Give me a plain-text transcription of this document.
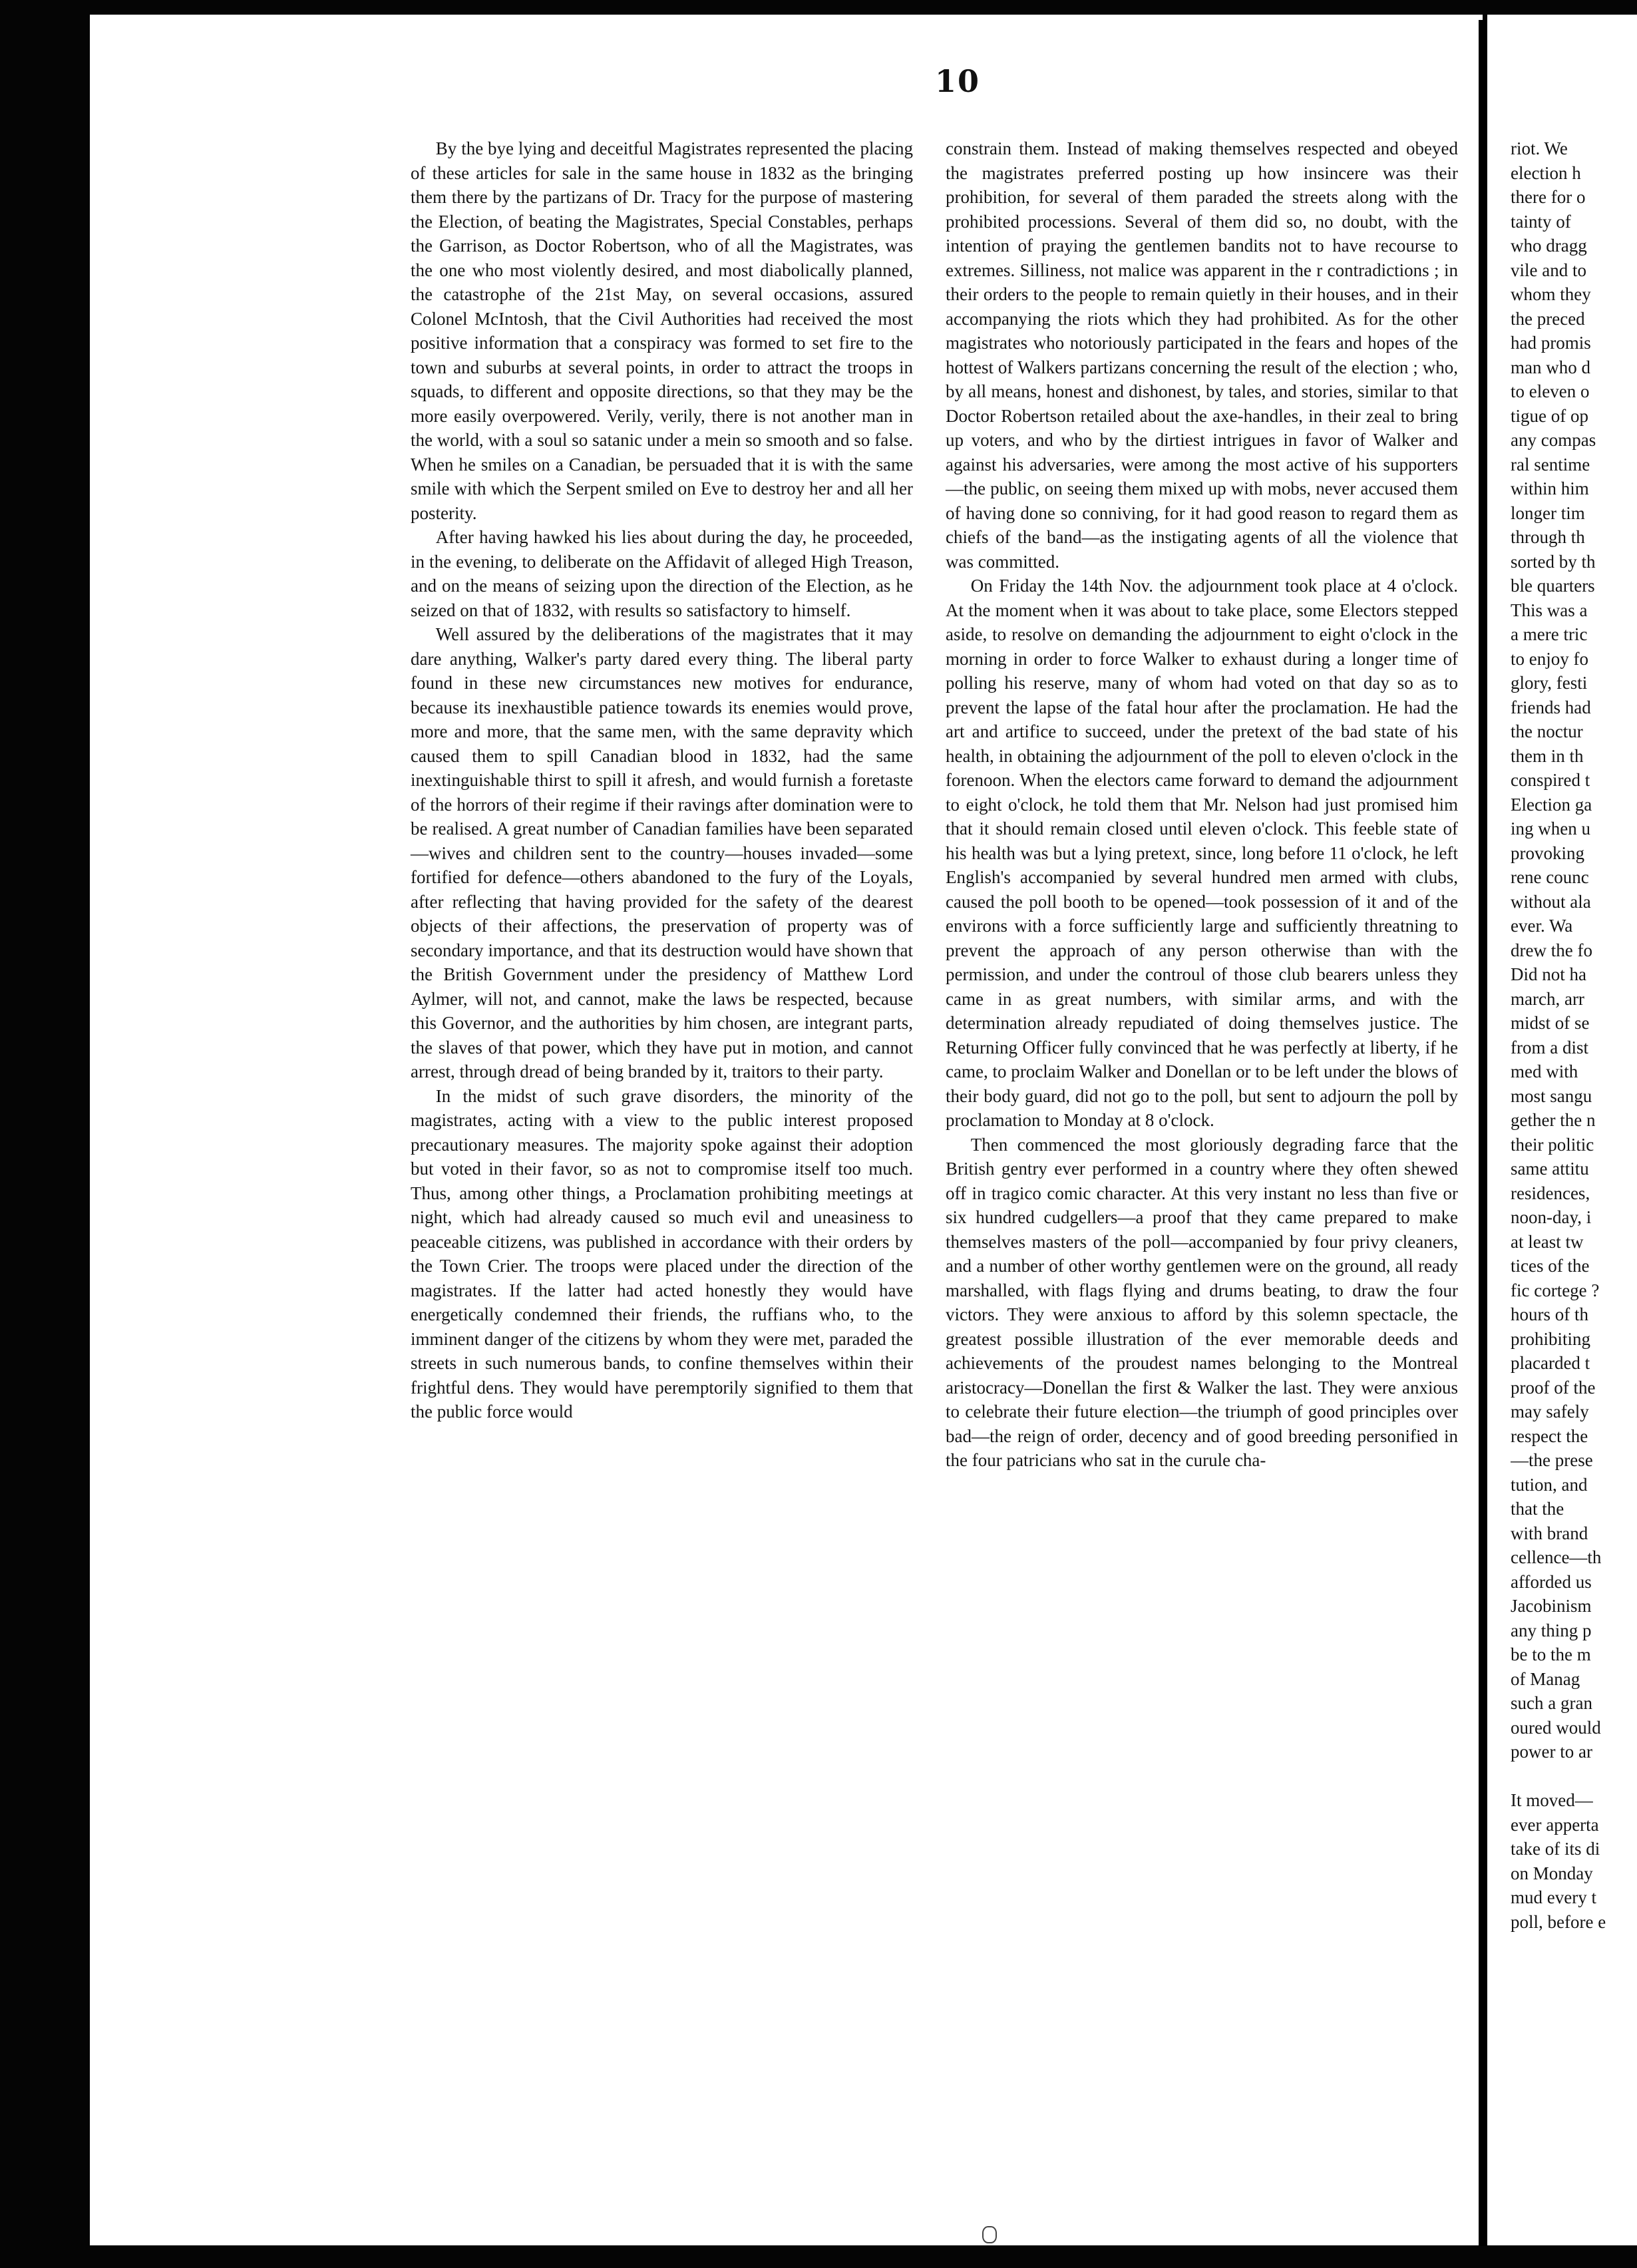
10

By the bye lying and deceitful Magistrates represented the placing of these articles for sale in the same house in 1832 as the bringing them there by the partizans of Dr. Tracy for the purpose of mastering the Election, of beating the Magistrates, Special Constables, perhaps the Garrison, as Doctor Robertson, who of all the Magistrates, was the one who most violently desired, and most diabolically planned, the catastrophe of the 21st May, on several occasions, assured Colonel McIntosh, that the Civil Authorities had received the most positive information that a conspiracy was formed to set fire to the town and suburbs at several points, in order to attract the troops in squads, to different and opposite directions, so that they may be the more easily overpowered. Verily, verily, there is not another man in the world, with a soul so satanic under a mein so smooth and so false. When he smiles on a Canadian, be persuaded that it is with the same smile with which the Serpent smiled on Eve to destroy her and all her posterity.

After having hawked his lies about during the day, he proceeded, in the evening, to deliberate on the Affidavit of alleged High Treason, and on the means of seizing upon the direction of the Election, as he seized on that of 1832, with results so satisfactory to himself.

Well assured by the deliberations of the magistrates that it may dare anything, Walker's party dared every thing. The liberal party found in these new circumstances new motives for endurance, because its inexhaustible patience towards its enemies would prove, more and more, that the same men, with the same depravity which caused them to spill Canadian blood in 1832, had the same inextinguishable thirst to spill it afresh, and would furnish a foretaste of the horrors of their regime if their ravings after domination were to be realised. A great number of Canadian families have been separated—wives and children sent to the country—houses invaded—some fortified for defence—others abandoned to the fury of the Loyals, after reflecting that having provided for the safety of the dearest objects of their affections, the preservation of property was of secondary importance, and that its destruction would have shown that the British Government under the presidency of Matthew Lord Aylmer, will not, and cannot, make the laws be respected, because this Governor, and the authorities by him chosen, are integrant parts, the slaves of that power, which they have put in motion, and cannot arrest, through dread of being branded by it, traitors to their party.

In the midst of such grave disorders, the minority of the magistrates, acting with a view to the public interest proposed precautionary measures. The majority spoke against their adoption but voted in their favor, so as not to compromise itself too much. Thus, among other things, a Proclamation prohibiting meetings at night, which had already caused so much evil and uneasiness to peaceable citizens, was published in accordance with their orders by the Town Crier. The troops were placed under the direction of the magistrates. If the latter had acted honestly they would have energetically condemned their friends, the ruffians who, to the imminent danger of the citizens by whom they were met, paraded the streets in such numerous bands, to confine themselves within their frightful dens. They would have peremptorily signified to them that the public force would

constrain them. Instead of making themselves respected and obeyed the magistrates preferred posting up how insincere was their prohibition, for several of them paraded the streets along with the prohibited processions. Several of them did so, no doubt, with the intention of praying the gentlemen bandits not to have recourse to extremes. Silliness, not malice was apparent in the r contradictions ; in their orders to the people to remain quietly in their houses, and in their accompanying the riots which they had prohibited. As for the other magistrates who notoriously participated in the fears and hopes of the hottest of Walkers partizans concerning the result of the election ; who, by all means, honest and dishonest, by tales, and stories, similar to that Doctor Robertson retailed about the axe-handles, in their zeal to bring up voters, and who by the dirtiest intrigues in favor of Walker and against his adversaries, were among the most active of his supporters—the public, on seeing them mixed up with mobs, never accused them of having done so conniving, for it had good reason to regard them as chiefs of the band—as the instigating agents of all the violence that was committed.

On Friday the 14th Nov. the adjournment took place at 4 o'clock. At the moment when it was about to take place, some Electors stepped aside, to resolve on demanding the adjournment to eight o'clock in the morning in order to force Walker to exhaust during a longer time of polling his reserve, many of whom had voted on that day so as to prevent the lapse of the fatal hour after the proclamation. He had the art and artifice to succeed, under the pretext of the bad state of his health, in obtaining the adjournment of the poll to eleven o'clock in the forenoon. When the electors came forward to demand the adjournment to eight o'clock, he told them that Mr. Nelson had just promised him that it should remain closed until eleven o'clock. This feeble state of his health was but a lying pretext, since, long before 11 o'clock, he left English's accompanied by several hundred men armed with clubs, caused the poll booth to be opened—took possession of it and of the environs with a force sufficiently large and sufficiently threatning to prevent the approach of any person otherwise than with the permission, and under the controul of those club bearers unless they came in as great numbers, with similar arms, and with the determination already repudiated of doing themselves justice. The Returning Officer fully convinced that he was perfectly at liberty, if he came, to proclaim Walker and Donellan or to be left under the blows of their body guard, did not go to the poll, but sent to adjourn the poll by proclamation to Monday at 8 o'clock.

Then commenced the most gloriously degrading farce that the British gentry ever performed in a country where they often shewed off in tragico comic character. At this very instant no less than five or six hundred cudgellers—a proof that they came prepared to make themselves masters of the poll—accompanied by four privy cleaners, and a number of other worthy gentlemen were on the ground, all ready marshalled, with flags flying and drums beating, to draw the four victors. They were anxious to afford by this solemn spectacle, the greatest possible illustration of the ever memorable deeds and achievements of the proudest names belonging to the Montreal aristocracy—Donellan the first & Walker the last. They were anxious to celebrate their future election—the triumph of good principles over bad—the reign of order, decency and of good breeding personified in the four patricians who sat in the curule cha-

riot. We
election h
there for o
tainty of
who dragg
vile and to
whom they
the preced
had promis
man who d
to eleven o
tigue of op
any compas
ral sentime
within him
longer tim
through th
sorted by th
ble quarters
This was a
a mere tric
to enjoy fo
glory, festi
friends had
the noctur
them in th
conspired t
Election ga
ing when u
provoking
rene counc
without ala
ever. Wa
drew the fo
Did not ha
march, arr
midst of se
from a dist
med with
most sangu
gether the n
their politic
same attitu
residences,
noon-day, i
at least tw
tices of the
fic cortege ?
hours of th
prohibiting
placarded t
proof of the
may safely
respect the
—the prese
tution, and
that the
with brand
cellence—th
afforded us
Jacobinism
any thing p
be to the m
of Manag
such a gran
oured would
power to ar

It moved—
ever apperta
take of its di
on Monday
mud every t
poll, before e
